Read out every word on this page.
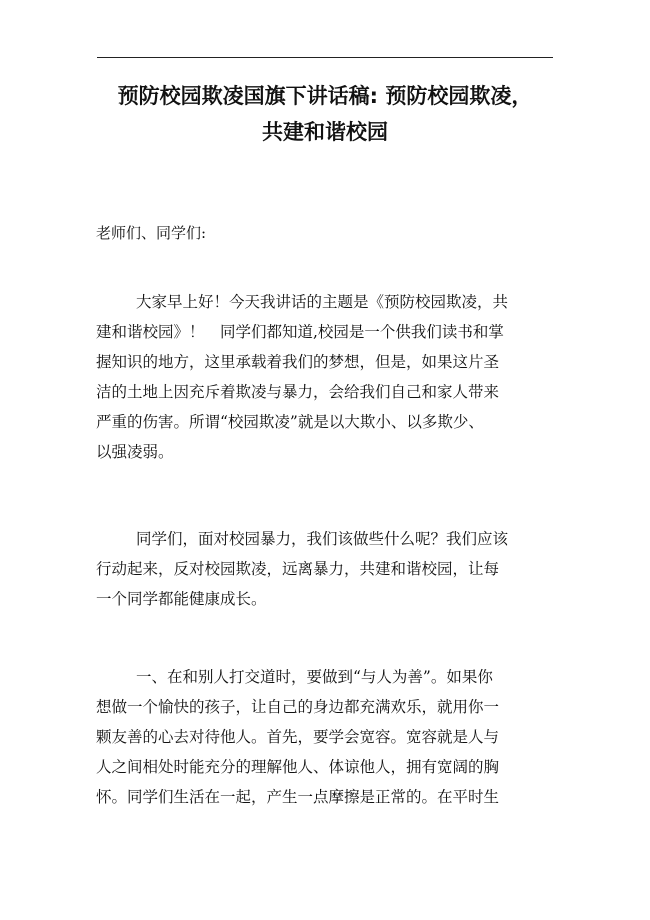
预防校园欺凌国旗下讲话稿: 预防校园欺凌，
共建和谐校园

老师们、同学们:

大家早上好！今天我讲话的主题是《预防校园欺凌，共
建和谐校园》！　同学们都知道,校园是一个供我们读书和掌
握知识的地方，这里承载着我们的梦想，但是，如果这片圣
洁的土地上因充斥着欺凌与暴力，会给我们自己和家人带来
严重的伤害。所谓“校园欺凌”就是以大欺小、以多欺少、
以强凌弱。

同学们，面对校园暴力，我们该做些什么呢？我们应该
行动起来，反对校园欺凌，远离暴力，共建和谐校园，让每
一个同学都能健康成长。

一、在和别人打交道时，要做到“与人为善”。如果你
想做一个愉快的孩子，让自己的身边都充满欢乐，就用你一
颗友善的心去对待他人。首先，要学会宽容。宽容就是人与
人之间相处时能充分的理解他人、体谅他人，拥有宽阔的胸
怀。同学们生活在一起，产生一点摩擦是正常的。在平时生
